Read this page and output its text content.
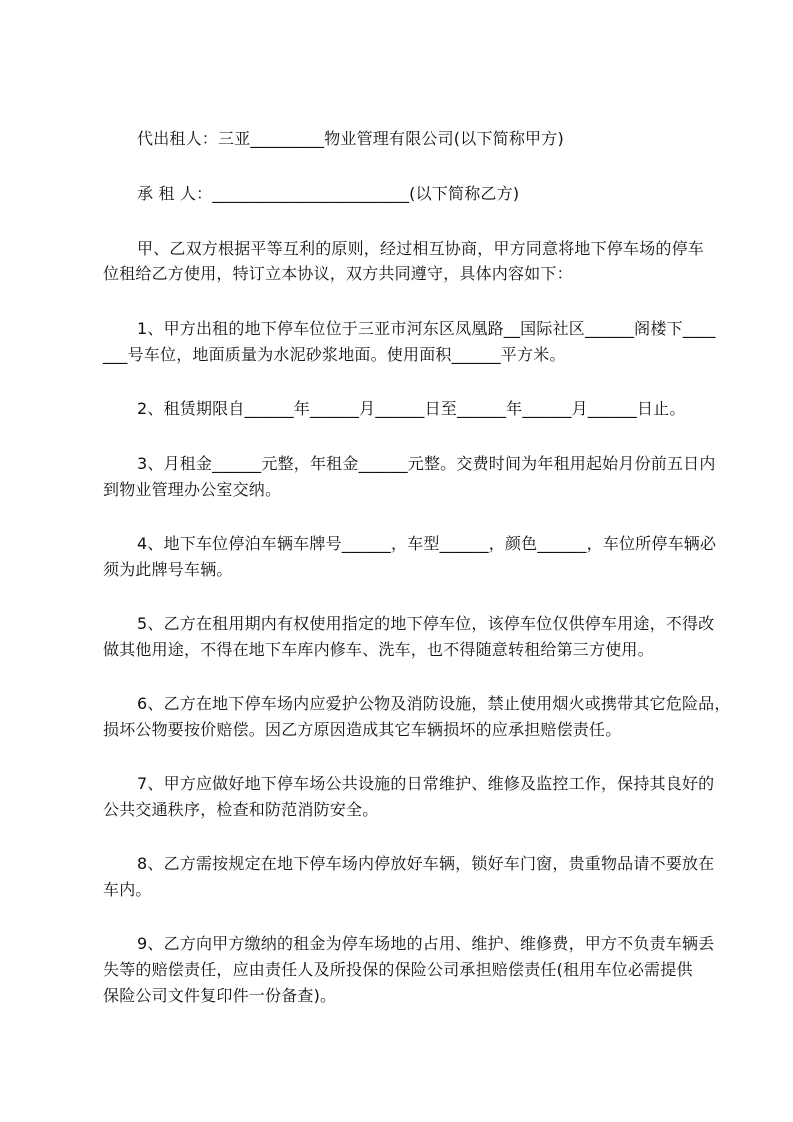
代出租人：三亚_________物业管理有限公司(以下简称甲方)
承 租 人：________________________(以下简称乙方)
甲、乙双方根据平等互利的原则，经过相互协商，甲方同意将地下停车场的停车
位租给乙方使用，特订立本协议，双方共同遵守，具体内容如下：
1、甲方出租的地下停车位位于三亚市河东区凤凰路__国际社区______阁楼下____
___号车位，地面质量为水泥砂浆地面。使用面积______平方米。
2、租赁期限自______年______月______日至______年______月______日止。
3、月租金______元整，年租金______元整。交费时间为年租用起始月份前五日内
到物业管理办公室交纳。
4、地下车位停泊车辆车牌号______，车型______，颜色______，车位所停车辆必
须为此牌号车辆。
5、乙方在租用期内有权使用指定的地下停车位，该停车位仅供停车用途，不得改
做其他用途，不得在地下车库内修车、洗车，也不得随意转租给第三方使用。
6、乙方在地下停车场内应爱护公物及消防设施，禁止使用烟火或携带其它危险品，
损坏公物要按价赔偿。因乙方原因造成其它车辆损坏的应承担赔偿责任。
7、甲方应做好地下停车场公共设施的日常维护、维修及监控工作，保持其良好的
公共交通秩序，检查和防范消防安全。
8、乙方需按规定在地下停车场内停放好车辆，锁好车门窗，贵重物品请不要放在
车内。
9、乙方向甲方缴纳的租金为停车场地的占用、维护、维修费，甲方不负责车辆丢
失等的赔偿责任，应由责任人及所投保的保险公司承担赔偿责任(租用车位必需提供
保险公司文件复印件一份备查)。
